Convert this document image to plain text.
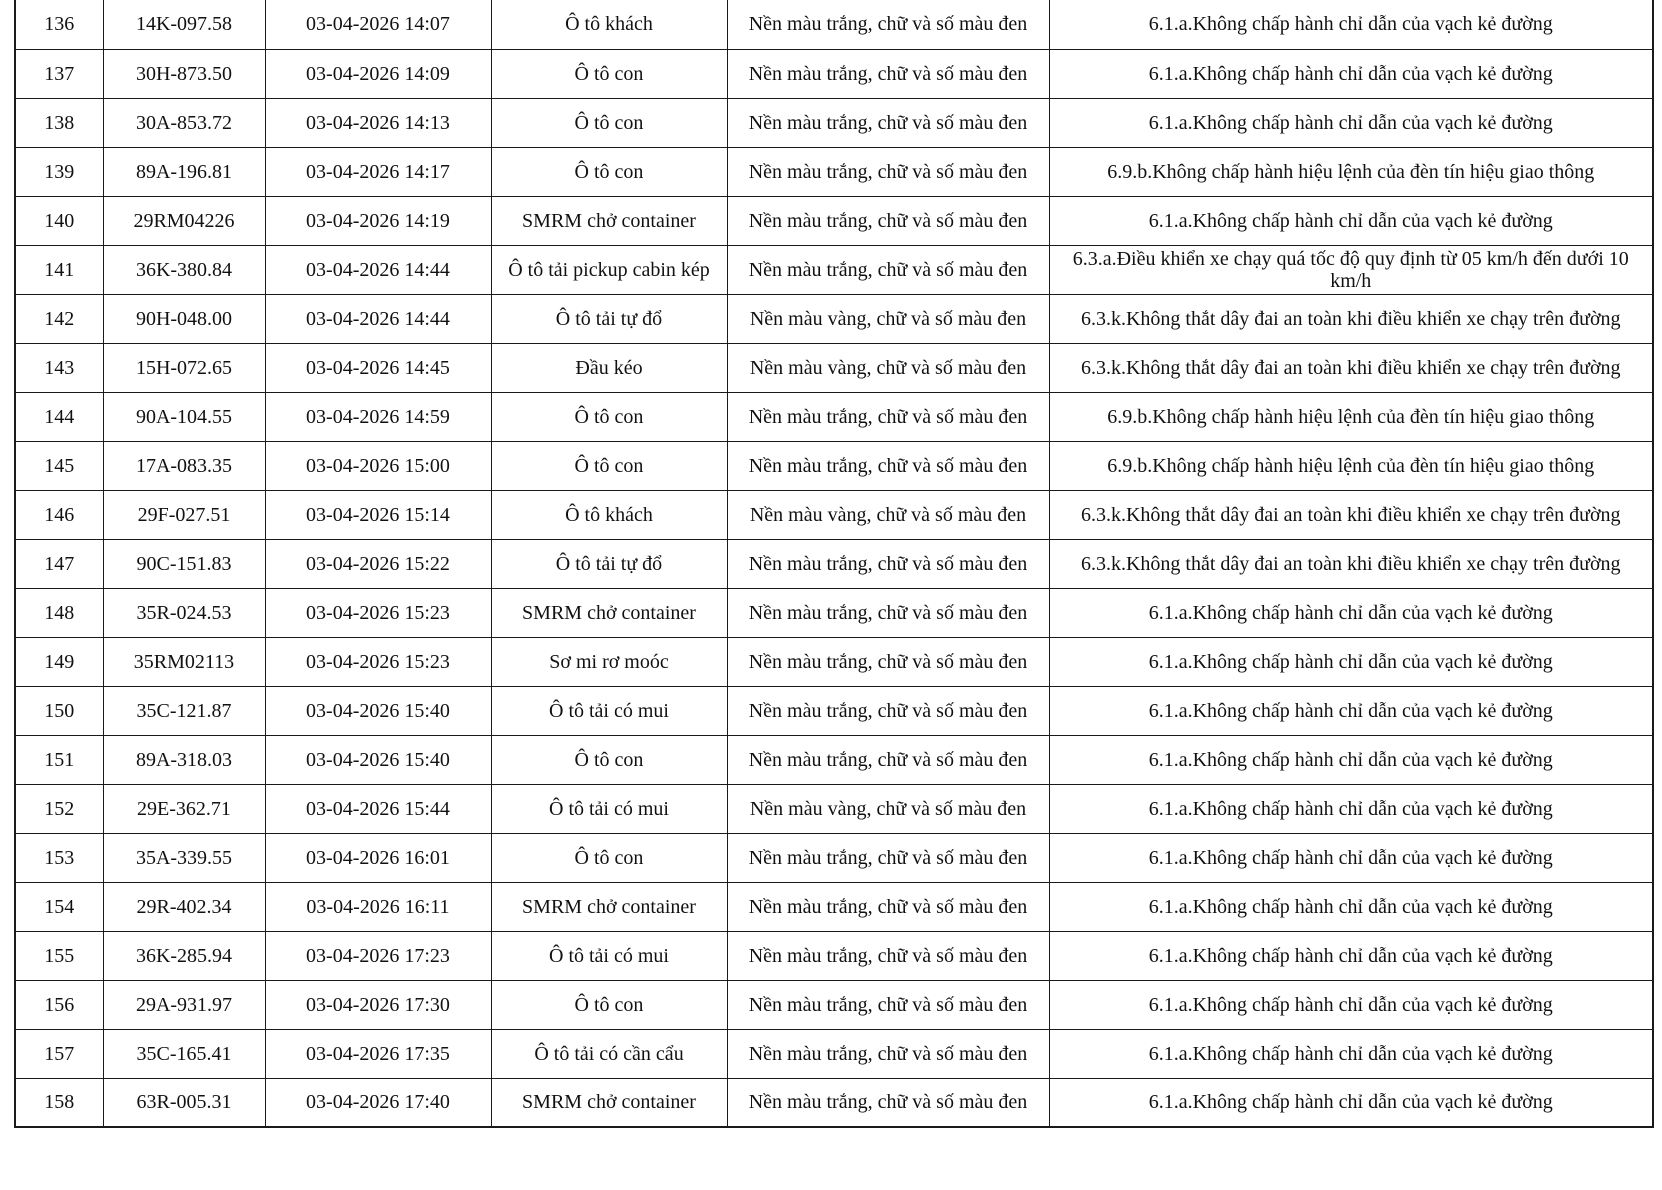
136	14K-097.58	03-04-2026 14:07	Ô tô khách	Nền màu trắng, chữ và số màu đen	6.1.a.Không chấp hành chỉ dẫn của vạch kẻ đường
137	30H-873.50	03-04-2026 14:09	Ô tô con	Nền màu trắng, chữ và số màu đen	6.1.a.Không chấp hành chỉ dẫn của vạch kẻ đường
138	30A-853.72	03-04-2026 14:13	Ô tô con	Nền màu trắng, chữ và số màu đen	6.1.a.Không chấp hành chỉ dẫn của vạch kẻ đường
139	89A-196.81	03-04-2026 14:17	Ô tô con	Nền màu trắng, chữ và số màu đen	6.9.b.Không chấp hành hiệu lệnh của đèn tín hiệu giao thông
140	29RM04226	03-04-2026 14:19	SMRM chở container	Nền màu trắng, chữ và số màu đen	6.1.a.Không chấp hành chỉ dẫn của vạch kẻ đường
141	36K-380.84	03-04-2026 14:44	Ô tô tải pickup cabin kép	Nền màu trắng, chữ và số màu đen	6.3.a.Điều khiển xe chạy quá tốc độ quy định từ 05 km/h đến dưới 10 km/h
142	90H-048.00	03-04-2026 14:44	Ô tô tải tự đổ	Nền màu vàng, chữ và số màu đen	6.3.k.Không thắt dây đai an toàn khi điều khiển xe chạy trên đường
143	15H-072.65	03-04-2026 14:45	Đầu kéo	Nền màu vàng, chữ và số màu đen	6.3.k.Không thắt dây đai an toàn khi điều khiển xe chạy trên đường
144	90A-104.55	03-04-2026 14:59	Ô tô con	Nền màu trắng, chữ và số màu đen	6.9.b.Không chấp hành hiệu lệnh của đèn tín hiệu giao thông
145	17A-083.35	03-04-2026 15:00	Ô tô con	Nền màu trắng, chữ và số màu đen	6.9.b.Không chấp hành hiệu lệnh của đèn tín hiệu giao thông
146	29F-027.51	03-04-2026 15:14	Ô tô khách	Nền màu vàng, chữ và số màu đen	6.3.k.Không thắt dây đai an toàn khi điều khiển xe chạy trên đường
147	90C-151.83	03-04-2026 15:22	Ô tô tải tự đổ	Nền màu trắng, chữ và số màu đen	6.3.k.Không thắt dây đai an toàn khi điều khiển xe chạy trên đường
148	35R-024.53	03-04-2026 15:23	SMRM chở container	Nền màu trắng, chữ và số màu đen	6.1.a.Không chấp hành chỉ dẫn của vạch kẻ đường
149	35RM02113	03-04-2026 15:23	Sơ mi rơ moóc	Nền màu trắng, chữ và số màu đen	6.1.a.Không chấp hành chỉ dẫn của vạch kẻ đường
150	35C-121.87	03-04-2026 15:40	Ô tô tải có mui	Nền màu trắng, chữ và số màu đen	6.1.a.Không chấp hành chỉ dẫn của vạch kẻ đường
151	89A-318.03	03-04-2026 15:40	Ô tô con	Nền màu trắng, chữ và số màu đen	6.1.a.Không chấp hành chỉ dẫn của vạch kẻ đường
152	29E-362.71	03-04-2026 15:44	Ô tô tải có mui	Nền màu vàng, chữ và số màu đen	6.1.a.Không chấp hành chỉ dẫn của vạch kẻ đường
153	35A-339.55	03-04-2026 16:01	Ô tô con	Nền màu trắng, chữ và số màu đen	6.1.a.Không chấp hành chỉ dẫn của vạch kẻ đường
154	29R-402.34	03-04-2026 16:11	SMRM chở container	Nền màu trắng, chữ và số màu đen	6.1.a.Không chấp hành chỉ dẫn của vạch kẻ đường
155	36K-285.94	03-04-2026 17:23	Ô tô tải có mui	Nền màu trắng, chữ và số màu đen	6.1.a.Không chấp hành chỉ dẫn của vạch kẻ đường
156	29A-931.97	03-04-2026 17:30	Ô tô con	Nền màu trắng, chữ và số màu đen	6.1.a.Không chấp hành chỉ dẫn của vạch kẻ đường
157	35C-165.41	03-04-2026 17:35	Ô tô tải có cần cẩu	Nền màu trắng, chữ và số màu đen	6.1.a.Không chấp hành chỉ dẫn của vạch kẻ đường
158	63R-005.31	03-04-2026 17:40	SMRM chở container	Nền màu trắng, chữ và số màu đen	6.1.a.Không chấp hành chỉ dẫn của vạch kẻ đường
